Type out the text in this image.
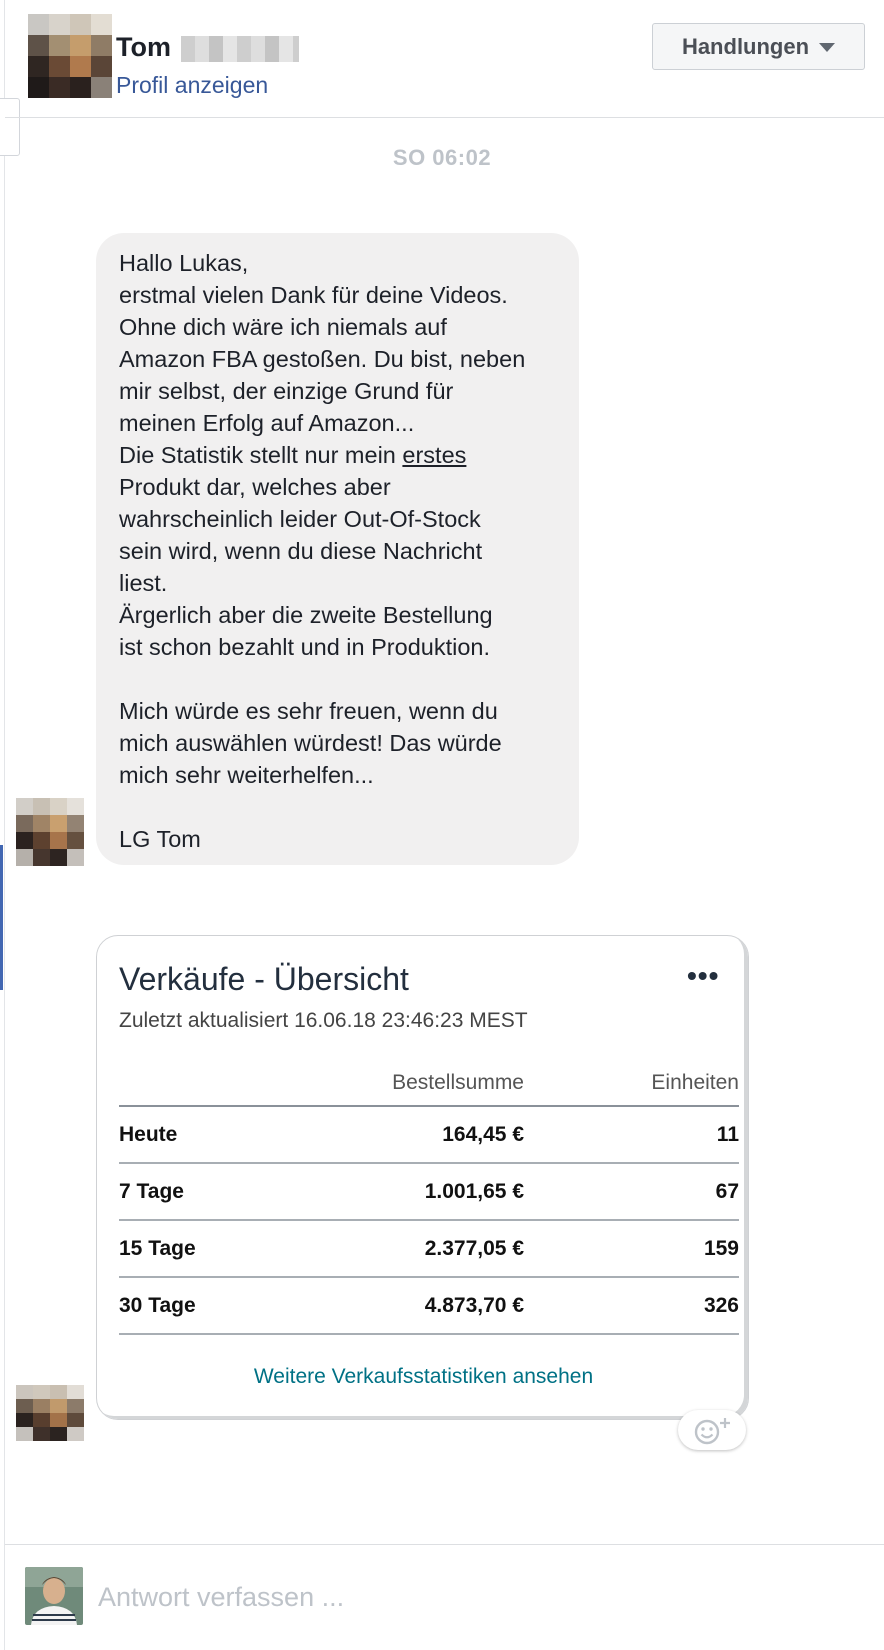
Tom
Profil anzeigen
Handlungen
SO 06:02

Hallo Lukas,

erstmal vielen Dank für deine Videos.

Ohne dich wäre ich niemals auf

Amazon FBA gestoßen. Du bist, neben

mir selbst, der einzige Grund für

meinen Erfolg auf Amazon...

Die Statistik stellt nur mein erstes

Produkt dar, welches aber

wahrscheinlich leider Out-Of-Stock

sein wird, wenn du diese Nachricht

liest.

Ärgerlich aber die zweite Bestellung

ist schon bezahlt und in Produktion.

Mich würde es sehr freuen, wenn du

mich auswählen würdest! Das würde

mich sehr weiterhelfen...

LG Tom

Verkäufe - Übersicht	•••
Zuletzt aktualisiert 16.06.18 23:46:23 MEST
	Bestellsumme	Einheiten
Heute	164,45 €	11
7 Tage	1.001,65 €	67
15 Tage	2.377,05 €	159
30 Tage	4.873,70 €	326
Weitere Verkaufsstatistiken ansehen
Antwort verfassen ...
